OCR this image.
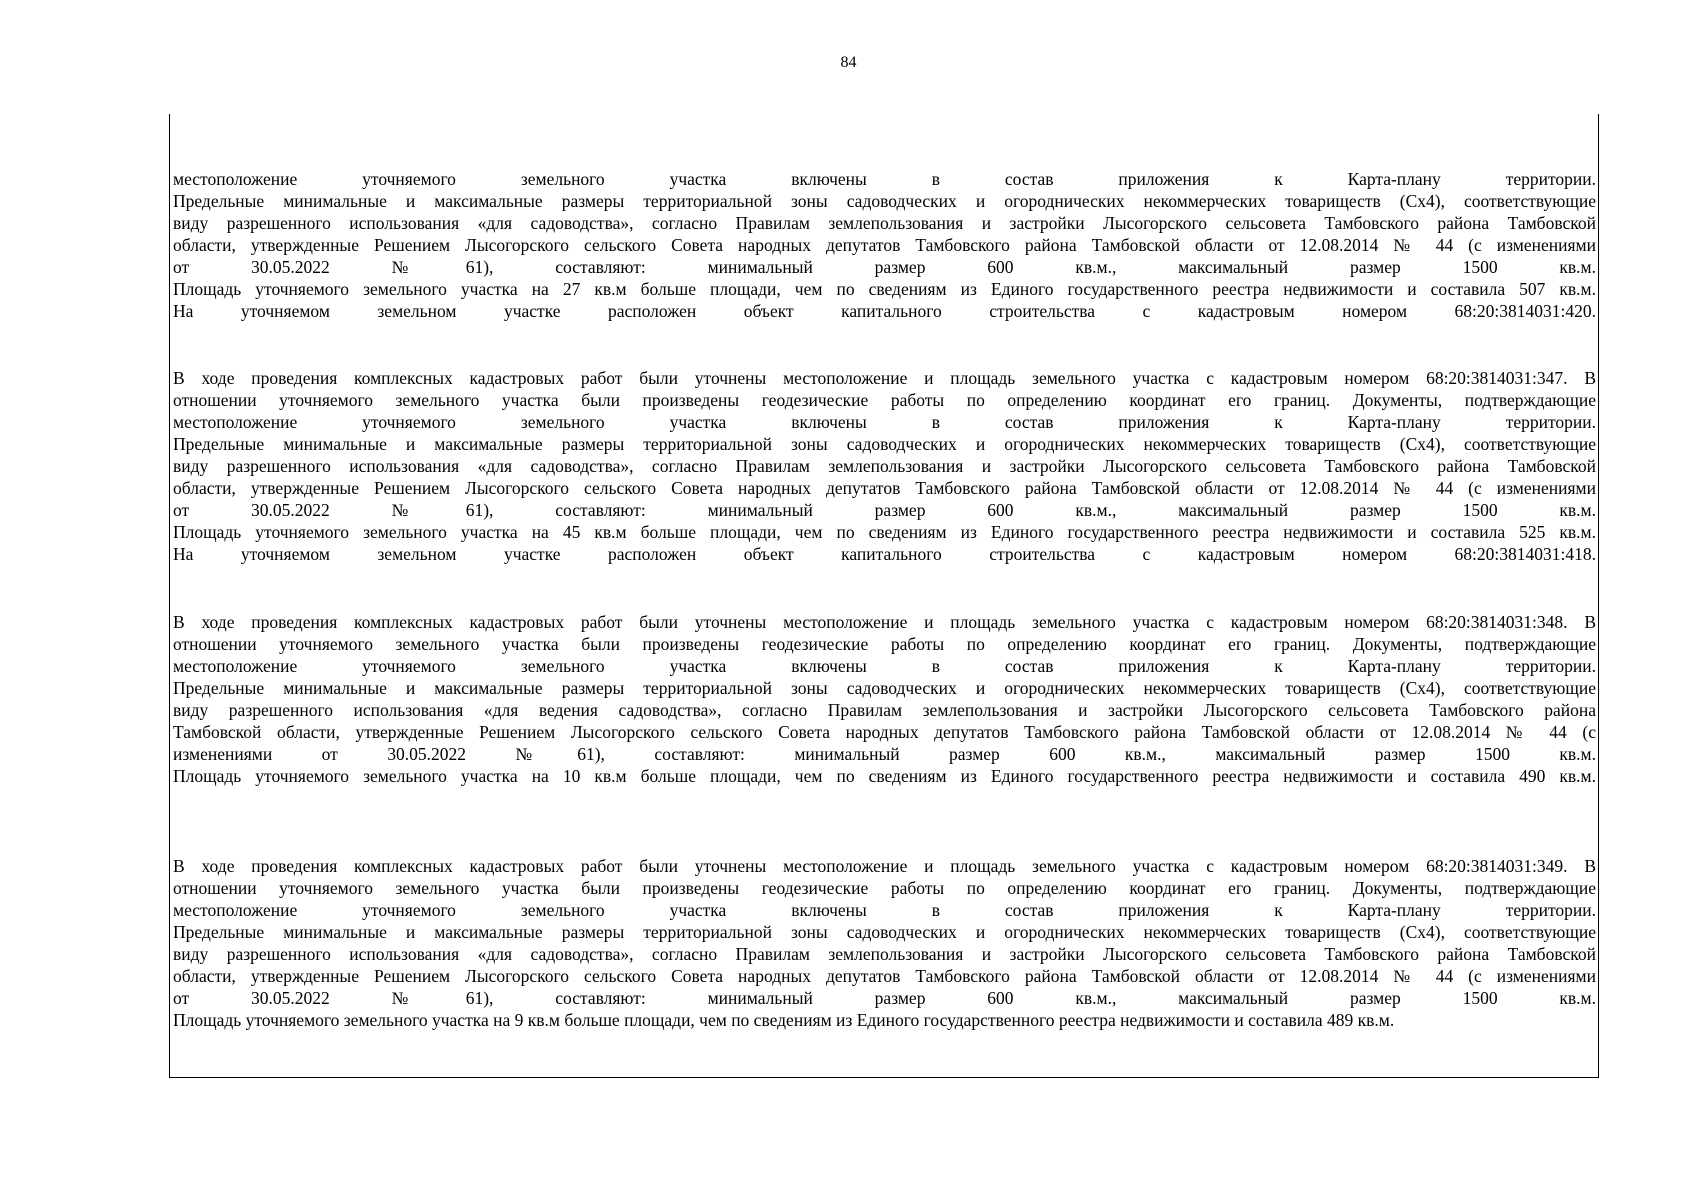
84
местоположение уточняемого земельного участка включены в состав приложения к Карта-плану территории.
Предельные минимальные и максимальные размеры территориальной зоны садоводческих и огороднических некоммерческих товариществ (Сх4), соответствующие
виду разрешенного использования «для садоводства», согласно Правилам землепользования и застройки Лысогорского сельсовета Тамбовского района Тамбовской
области, утвержденные Решением Лысогорского сельского Совета народных депутатов Тамбовского района Тамбовской области от 12.08.2014 № 44 (с изменениями
от 30.05.2022 №61), составляют: минимальный размер 600 кв.м., максимальный размер 1500 кв.м.
Площадь уточняемого земельного участка на 27 кв.м больше площади, чем по сведениям из Единого государственного реестра недвижимости и составила 507 кв.м.
На уточняемом земельном участке расположен объект капитального строительства с кадастровым номером 68:20:3814031:420.
В ходе проведения комплексных кадастровых работ были уточнены местоположение и площадь земельного участка с кадастровым номером 68:20:3814031:347. В
отношении уточняемого земельного участка были произведены геодезические работы по определению координат его границ. Документы, подтверждающие
местоположение уточняемого земельного участка включены в состав приложения к Карта-плану территории.
Предельные минимальные и максимальные размеры территориальной зоны садоводческих и огороднических некоммерческих товариществ (Сх4), соответствующие
виду разрешенного использования «для садоводства», согласно Правилам землепользования и застройки Лысогорского сельсовета Тамбовского района Тамбовской
области, утвержденные Решением Лысогорского сельского Совета народных депутатов Тамбовского района Тамбовской области от 12.08.2014 № 44 (с изменениями
от 30.05.2022 №61), составляют: минимальный размер 600 кв.м., максимальный размер 1500 кв.м.
Площадь уточняемого земельного участка на 45 кв.м больше площади, чем по сведениям из Единого государственного реестра недвижимости и составила 525 кв.м.
На уточняемом земельном участке расположен объект капитального строительства с кадастровым номером 68:20:3814031:418.
В ходе проведения комплексных кадастровых работ были уточнены местоположение и площадь земельного участка с кадастровым номером 68:20:3814031:348. В
отношении уточняемого земельного участка были произведены геодезические работы по определению координат его границ. Документы, подтверждающие
местоположение уточняемого земельного участка включены в состав приложения к Карта-плану территории.
Предельные минимальные и максимальные размеры территориальной зоны садоводческих и огороднических некоммерческих товариществ (Сх4), соответствующие
виду разрешенного использования «для ведения садоводства», согласно Правилам землепользования и застройки Лысогорского сельсовета Тамбовского района
Тамбовской области, утвержденные Решением Лысогорского сельского Совета народных депутатов Тамбовского района Тамбовской области от 12.08.2014 № 44 (с
изменениями от 30.05.2022 №61), составляют: минимальный размер 600 кв.м., максимальный размер 1500 кв.м.
Площадь уточняемого земельного участка на 10 кв.м больше площади, чем по сведениям из Единого государственного реестра недвижимости и составила 490 кв.м.
В ходе проведения комплексных кадастровых работ были уточнены местоположение и площадь земельного участка с кадастровым номером 68:20:3814031:349. В
отношении уточняемого земельного участка были произведены геодезические работы по определению координат его границ. Документы, подтверждающие
местоположение уточняемого земельного участка включены в состав приложения к Карта-плану территории.
Предельные минимальные и максимальные размеры территориальной зоны садоводческих и огороднических некоммерческих товариществ (Сх4), соответствующие
виду разрешенного использования «для садоводства», согласно Правилам землепользования и застройки Лысогорского сельсовета Тамбовского района Тамбовской
области, утвержденные Решением Лысогорского сельского Совета народных депутатов Тамбовского района Тамбовской области от 12.08.2014 № 44 (с изменениями
от 30.05.2022 №61), составляют: минимальный размер 600 кв.м., максимальный размер 1500 кв.м.
Площадь уточняемого земельного участка на 9 кв.м больше площади, чем по сведениям из Единого государственного реестра недвижимости и составила 489 кв.м.
